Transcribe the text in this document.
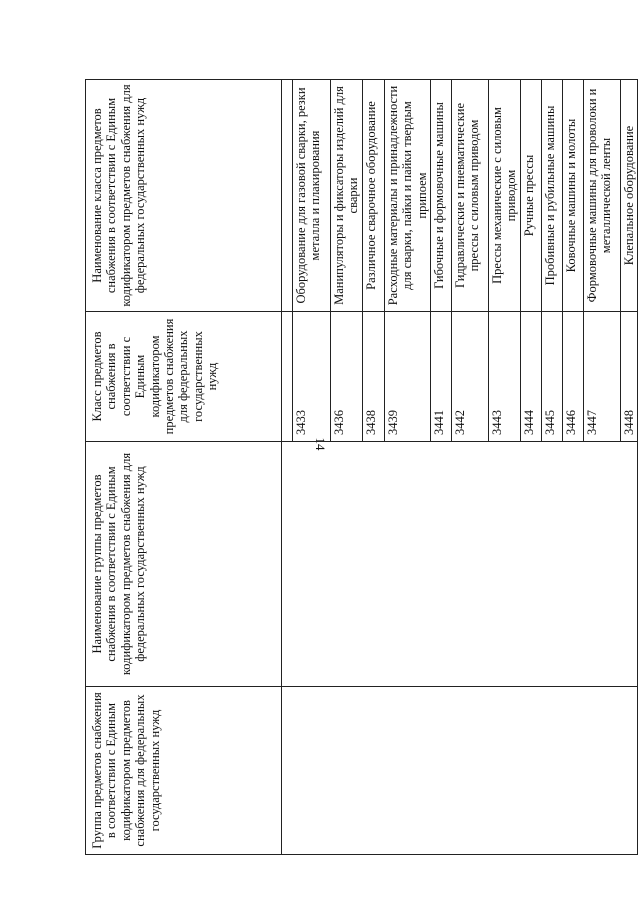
14
Группа предметов снабжения в соответствии с Единым кодификатором предметов снабжения для федеральных государственных нужд	Наименование группы предметов снабжения в соответствии с Единым кодификатором предметов снабжения для федеральных государственных нужд	Класс предметов снабжения в соответствии с Единым кодификатором предметов снабжения для федеральных государственных нужд	Наименование класса предметов снабжения в соответствии с Единым кодификатором предметов снабжения для федеральных государственных нужд

		3433	Оборудование для газовой сварки, резки металла и плакирования
		3436	Манипуляторы и фиксаторы изделий для сварки
		3438	Различное сварочное оборудование
		3439	Расходные материалы и принадлежности для сварки, пайки и пайки твердым припоем
		3441	Гибочные и формовочные машины
		3442	Гидравлические и пневматические прессы с силовым приводом
		3443	Прессы механические с силовым приводом
		3444	Ручные прессы
		3445	Пробивные и рубильные машины
		3446	Ковочные машины и молоты
		3447	Формовочные машины для проволоки и металлической ленты
		3448	Клепальное оборудование
